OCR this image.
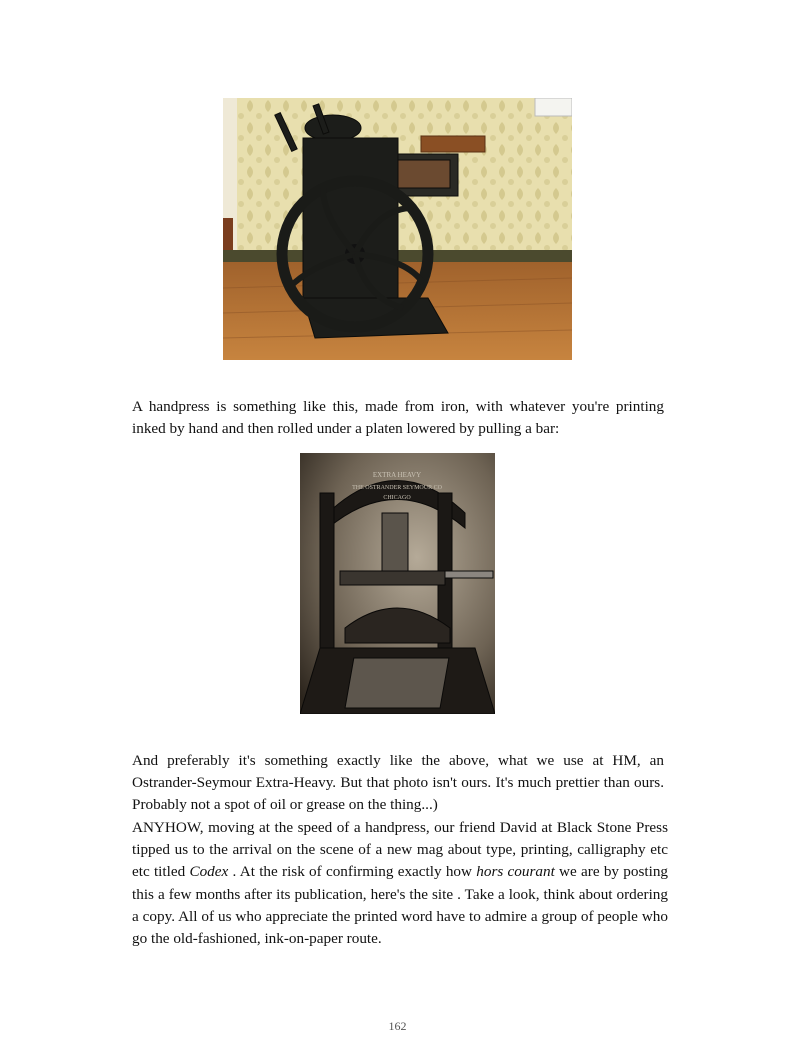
A handpress is something like this, made from iron, with whatever you're printing inked by hand and then rolled under a platen lowered by pulling a bar:

EXTRA HEAVY
THE OSTRANDER SEYMOUR CO
CHICAGO

And preferably it's something exactly like the above, what we use at HM, an Ostrander-Seymour Extra-Heavy. But that photo isn't ours. It's much prettier than ours. Probably not a spot of oil or grease on the thing...)

ANYHOW, moving at the speed of a handpress, our friend David at Black Stone Press tipped us to the arrival on the scene of a new mag about type, printing, calligraphy etc etc titled Codex . At the risk of confirming exactly how hors courant we are by posting this a few months after its publication, here's the site . Take a look, think about ordering a copy. All of us who appreciate the printed word have to admire a group of people who go the old-fashioned, ink-on-paper route.

162
